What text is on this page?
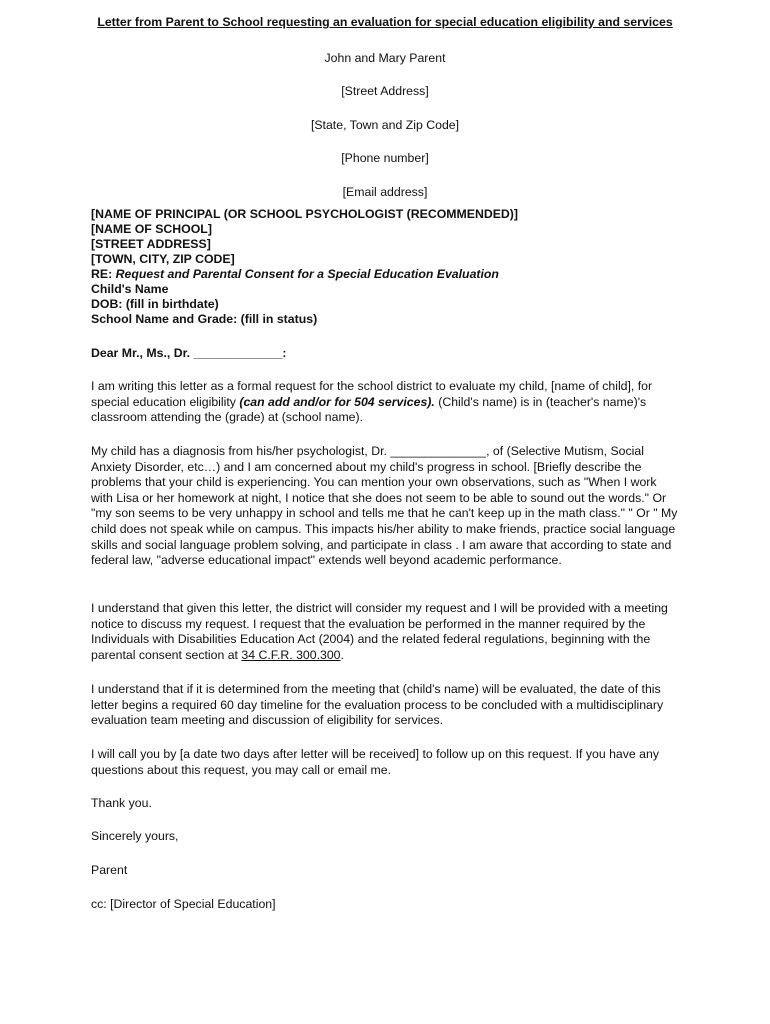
Letter from Parent to School requesting an evaluation for special education eligibility and services

John and Mary Parent

[Street Address]

[State, Town and Zip Code]

[Phone number]

[Email address]

[NAME OF PRINCIPAL (OR SCHOOL PSYCHOLOGIST (RECOMMENDED)]
[NAME OF SCHOOL]
[STREET ADDRESS]
[TOWN, CITY, ZIP CODE]
RE: Request and Parental Consent for a Special Education Evaluation
Child's Name
DOB: (fill in birthdate)
School Name and Grade: (fill in status)

Dear Mr., Ms., Dr. _____________:

I am writing this letter as a formal request for the school district to evaluate my child, [name of child], for special education eligibility (can add and/or for 504 services). (Child's name) is in (teacher's name)'s classroom attending the (grade) at (school name).

My child has a diagnosis from his/her psychologist, Dr. ______________, of (Selective Mutism, Social Anxiety Disorder, etc…) and I am concerned about my child's progress in school. [Briefly describe the problems that your child is experiencing. You can mention your own observations, such as "When I work with Lisa or her homework at night, I notice that she does not seem to be able to sound out the words." Or "my son seems to be very unhappy in school and tells me that he can't keep up in the math class." " Or " My child does not speak while on campus. This impacts his/her ability to make friends, practice social language skills and social language problem solving, and participate in class . I am aware that according to state and federal law, "adverse educational impact" extends well beyond academic performance.

I understand that given this letter, the district will consider my request and I will be provided with a meeting notice to discuss my request. I request that the evaluation be performed in the manner required by the Individuals with Disabilities Education Act (2004) and the related federal regulations, beginning with the parental consent section at 34 C.F.R. 300.300.

I understand that if it is determined from the meeting that (child's name) will be evaluated, the date of this letter begins a required 60 day timeline for the evaluation process to be concluded with a multidisciplinary evaluation team meeting and discussion of eligibility for services.

I will call you by [a date two days after letter will be received] to follow up on this request. If you have any questions about this request, you may call or email me.

Thank you.

Sincerely yours,

Parent

cc: [Director of Special Education]
